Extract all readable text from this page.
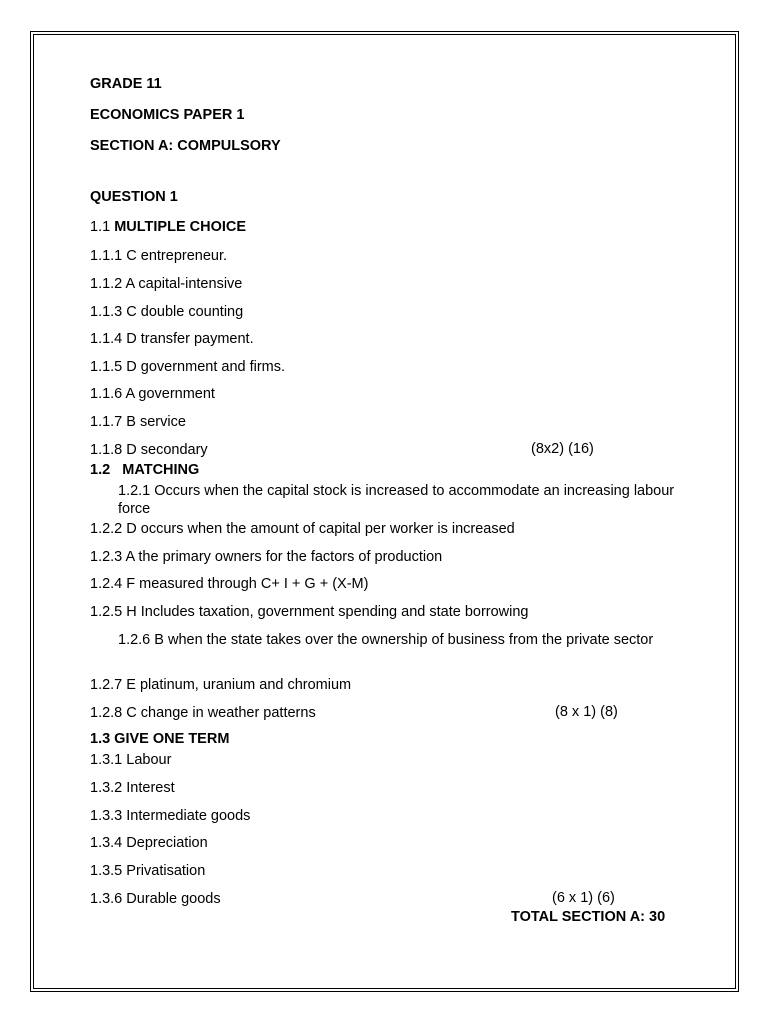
GRADE 11
ECONOMICS PAPER 1
SECTION A: COMPULSORY
QUESTION 1
1.1 MULTIPLE CHOICE
1.1.1 C entrepreneur.
1.1.2 A capital-intensive
1.1.3 C double counting
1.1.4 D transfer payment.
1.1.5 D government and firms.
1.1.6 A government
1.1.7 B service
1.1.8 D secondary	(8x2) (16)
1.2   MATCHING
1.2.1 Occurs when the capital stock is increased to accommodate an increasing labour force
1.2.2 D occurs when the amount of capital per worker is increased
1.2.3 A the primary owners for the factors of production
1.2.4 F measured through C+ I + G + (X-M)
1.2.5 H Includes taxation, government spending and state borrowing
1.2.6 B when the state takes over the ownership of business from the private sector
1.2.7 E platinum, uranium and chromium
1.2.8 C change in weather patterns	(8 x 1) (8)
1.3 GIVE ONE TERM
1.3.1 Labour
1.3.2 Interest
1.3.3 Intermediate goods
1.3.4 Depreciation
1.3.5 Privatisation
1.3.6 Durable goods	(6 x 1) (6)
TOTAL SECTION A: 30
